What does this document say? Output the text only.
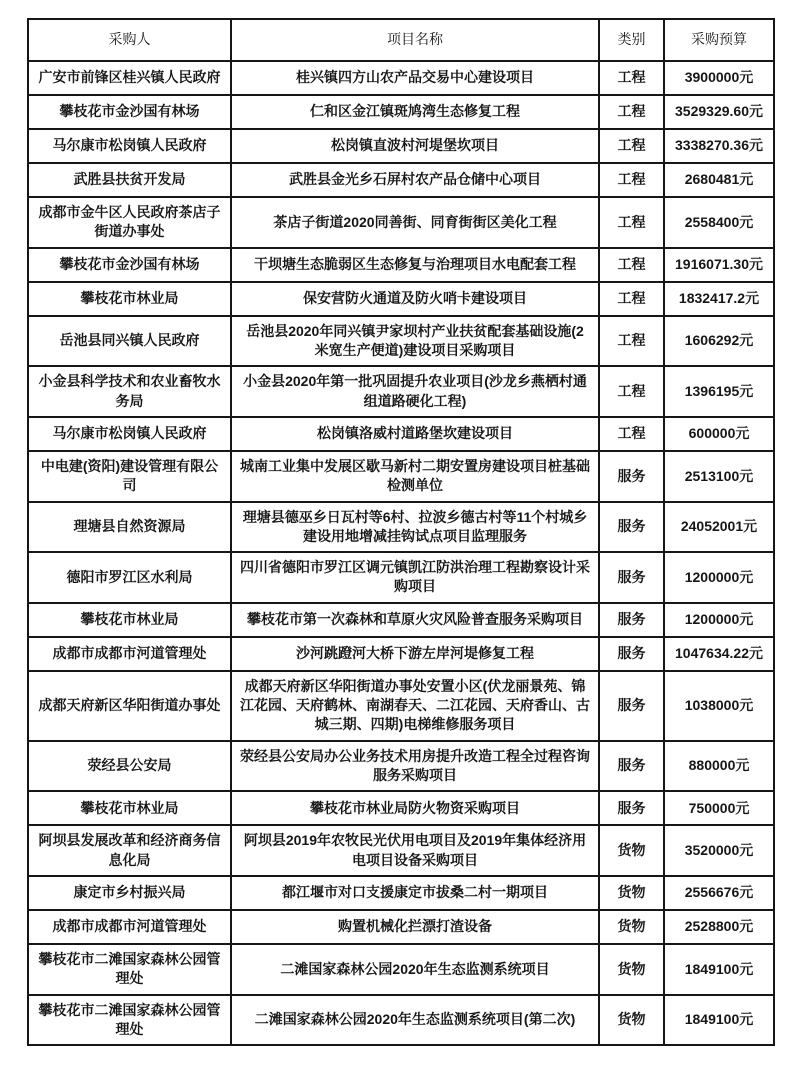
采购人	项目名称	类别	采购预算
广安市前锋区桂兴镇人民政府	桂兴镇四方山农产品交易中心建设项目	工程	3900000元
攀枝花市金沙国有林场	仁和区金江镇斑鸠湾生态修复工程	工程	3529329.60元
马尔康市松岗镇人民政府	松岗镇直波村河堤堡坎项目	工程	3338270.36元
武胜县扶贫开发局	武胜县金光乡石屏村农产品仓储中心项目	工程	2680481元
成都市金牛区人民政府茶店子街道办事处	茶店子街道2020同善街、同育街街区美化工程	工程	2558400元
攀枝花市金沙国有林场	干坝塘生态脆弱区生态修复与治理项目水电配套工程	工程	1916071.30元
攀枝花市林业局	保安营防火通道及防火哨卡建设项目	工程	1832417.2元
岳池县同兴镇人民政府	岳池县2020年同兴镇尹家坝村产业扶贫配套基础设施(2米宽生产便道)建设项目采购项目	工程	1606292元
小金县科学技术和农业畜牧水务局	小金县2020年第一批巩固提升农业项目(沙龙乡燕栖村通组道路硬化工程)	工程	1396195元
马尔康市松岗镇人民政府	松岗镇洛威村道路堡坎建设项目	工程	600000元
中电建(资阳)建设管理有限公司	城南工业集中发展区歇马新村二期安置房建设项目桩基础检测单位	服务	2513100元
理塘县自然资源局	理塘县德巫乡日瓦村等6村、拉波乡德古村等11个村城乡建设用地增减挂钩试点项目监理服务	服务	24052001元
德阳市罗江区水利局	四川省德阳市罗江区调元镇凯江防洪治理工程勘察设计采购项目	服务	1200000元
攀枝花市林业局	攀枝花市第一次森林和草原火灾风险普查服务采购项目	服务	1200000元
成都市成都市河道管理处	沙河跳蹬河大桥下游左岸河堤修复工程	服务	1047634.22元
成都天府新区华阳街道办事处	成都天府新区华阳街道办事处安置小区(伏龙丽景苑、锦江花园、天府鹤林、南湖春天、二江花园、天府香山、古城三期、四期)电梯维修服务项目	服务	1038000元
荥经县公安局	荥经县公安局办公业务技术用房提升改造工程全过程咨询服务采购项目	服务	880000元
攀枝花市林业局	攀枝花市林业局防火物资采购项目	服务	750000元
阿坝县发展改革和经济商务信息化局	阿坝县2019年农牧民光伏用电项目及2019年集体经济用电项目设备采购项目	货物	3520000元
康定市乡村振兴局	都江堰市对口支援康定市拔桑二村一期项目	货物	2556676元
成都市成都市河道管理处	购置机械化拦漂打渣设备	货物	2528800元
攀枝花市二滩国家森林公园管理处	二滩国家森林公园2020年生态监测系统项目	货物	1849100元
攀枝花市二滩国家森林公园管理处	二滩国家森林公园2020年生态监测系统项目(第二次)	货物	1849100元
